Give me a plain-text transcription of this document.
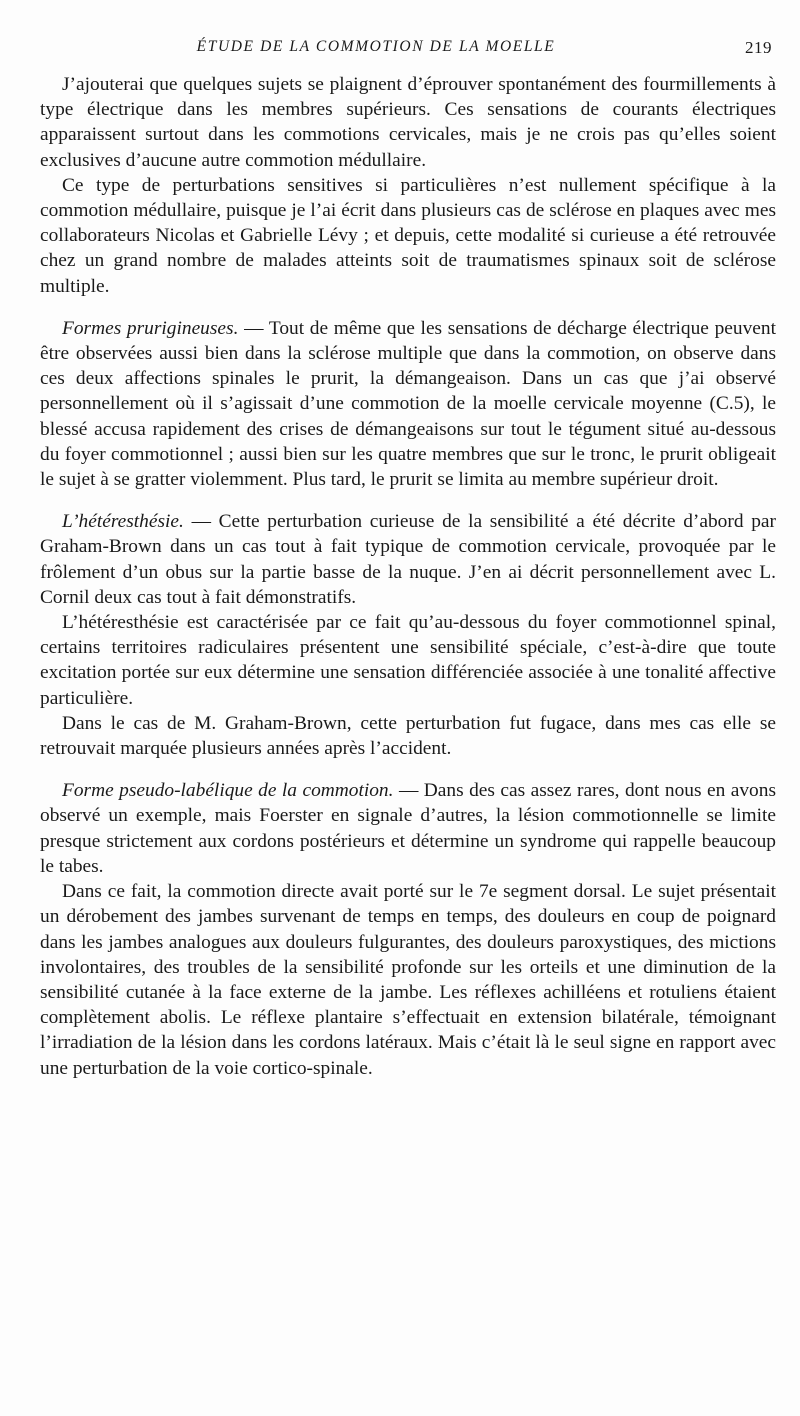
ÉTUDE DE LA COMMOTION DE LA MOELLE	219

J’ajouterai que quelques sujets se plaignent d’éprouver spontanément des fourmillements à type électrique dans les membres supérieurs. Ces sensations de courants électriques apparaissent surtout dans les commotions cervicales, mais je ne crois pas qu’elles soient exclusives d’aucune autre commotion médullaire.

Ce type de perturbations sensitives si particulières n’est nullement spécifique à la commotion médullaire, puisque je l’ai écrit dans plusieurs cas de sclérose en plaques avec mes collaborateurs Nicolas et Gabrielle Lévy ; et depuis, cette modalité si curieuse a été retrouvée chez un grand nombre de malades atteints soit de traumatismes spinaux soit de sclérose multiple.

Formes prurigineuses. — Tout de même que les sensations de décharge électrique peuvent être observées aussi bien dans la sclérose multiple que dans la commotion, on observe dans ces deux affections spinales le prurit, la démangeaison. Dans un cas que j’ai observé personnellement où il s’agissait d’une commotion de la moelle cervicale moyenne (C.5), le blessé accusa rapidement des crises de démangeaisons sur tout le tégument situé au-dessous du foyer commotionnel ; aussi bien sur les quatre membres que sur le tronc, le prurit obligeait le sujet à se gratter violemment. Plus tard, le prurit se limita au membre supérieur droit.

L’hétéresthésie. — Cette perturbation curieuse de la sensibilité a été décrite d’abord par Graham-Brown dans un cas tout à fait typique de commotion cervicale, provoquée par le frôlement d’un obus sur la partie basse de la nuque. J’en ai décrit personnellement avec L. Cornil deux cas tout à fait démonstratifs.

L’hétéresthésie est caractérisée par ce fait qu’au-dessous du foyer commotionnel spinal, certains territoires radiculaires présentent une sensibilité spéciale, c’est-à-dire que toute excitation portée sur eux détermine une sensation différenciée associée à une tonalité affective particulière.

Dans le cas de M. Graham-Brown, cette perturbation fut fugace, dans mes cas elle se retrouvait marquée plusieurs années après l’accident.

Forme pseudo-labélique de la commotion. — Dans des cas assez rares, dont nous en avons observé un exemple, mais Foerster en signale d’autres, la lésion commotionnelle se limite presque strictement aux cordons postérieurs et détermine un syndrome qui rappelle beaucoup le tabes.

Dans ce fait, la commotion directe avait porté sur le 7e segment dorsal. Le sujet présentait un dérobement des jambes survenant de temps en temps, des douleurs en coup de poignard dans les jambes analogues aux douleurs fulgurantes, des douleurs paroxystiques, des mictions involontaires, des troubles de la sensibilité profonde sur les orteils et une diminution de la sensibilité cutanée à la face externe de la jambe. Les réflexes achilléens et rotuliens étaient complètement abolis. Le réflexe plantaire s’effectuait en extension bilatérale, témoignant l’irradiation de la lésion dans les cordons latéraux. Mais c’était là le seul signe en rapport avec une perturbation de la voie cortico-spinale.
